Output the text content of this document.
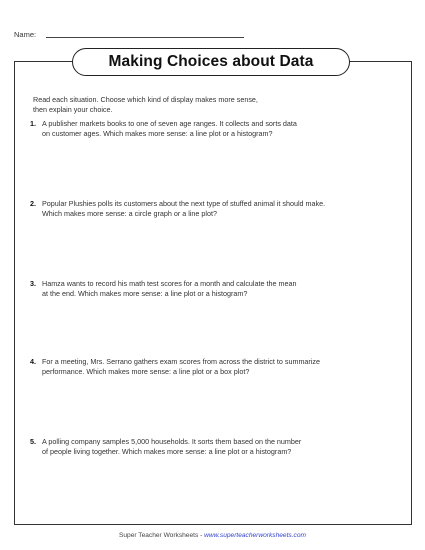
Name:
Making Choices about Data
Read each situation. Choose which kind of display makes more sense,
then explain your choice.
1. A publisher markets books to one of seven age ranges. It collects and sorts data
on customer ages. Which makes more sense: a line plot or a histogram?
2. Popular Plushies polls its customers about the next type of stuffed animal it should make.
Which makes more sense: a circle graph or a line plot?
3. Hamza wants to record his math test scores for a month and calculate the mean
at the end. Which makes more sense: a line plot or a histogram?
4. For a meeting, Mrs. Serrano gathers exam scores from across the district to summarize
performance. Which makes more sense: a line plot or a box plot?
5. A polling company samples 5,000 households. It sorts them based on the number
of people living together. Which makes more sense: a line plot or a histogram?
Super Teacher Worksheets - www.superteacherworksheets.com
